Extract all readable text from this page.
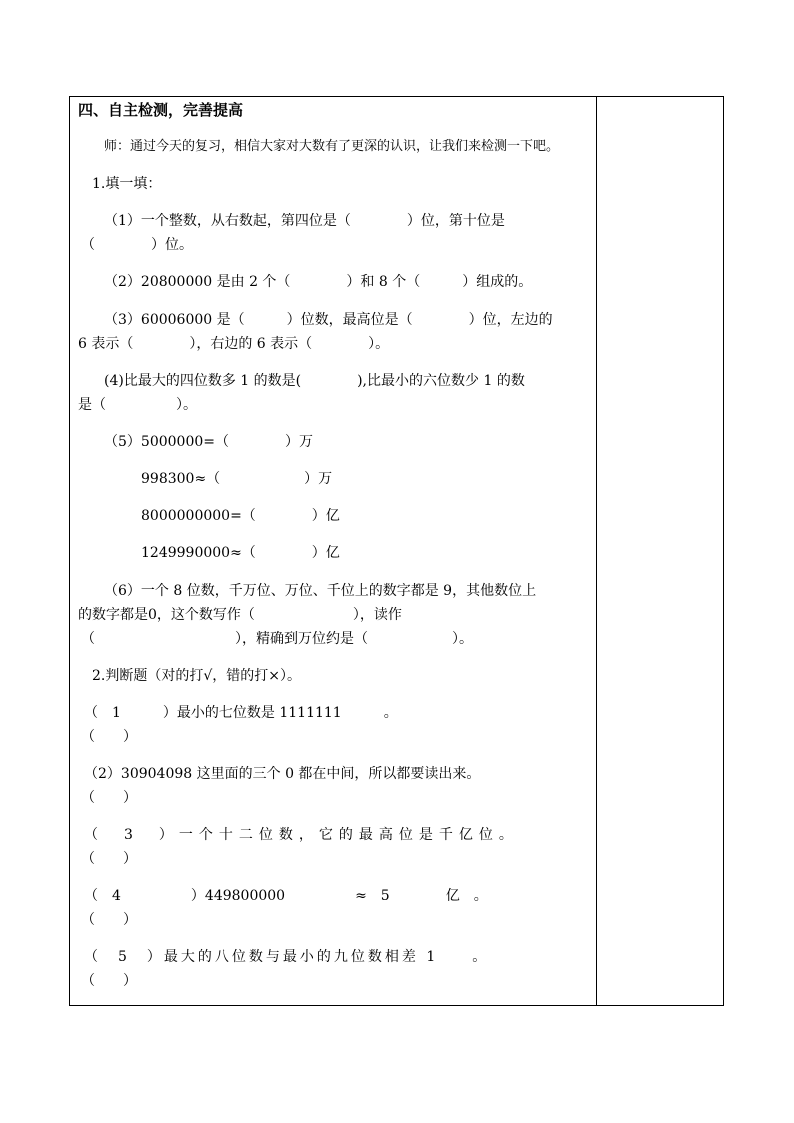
四、自主检测，完善提高
师：通过今天的复习，相信大家对大数有了更深的认识，让我们来检测一下吧。
1.填一填：
（1）一个整数，从右数起，第四位是（　　　　）位，第十位是
（　　　　）位。
（2）20800000 是由 2 个（　　　　）和 8 个（　　　）组成的。
（3）60006000 是（　　　）位数，最高位是（　　　　）位，左边的
6 表示（　　　　），右边的 6 表示（　　　　）。
(4)比最大的四位数多 1 的数是(　　　　),比最小的六位数少 1 的数
是（　　　　　）。
（5）5000000=（　　　　）万
998300≈（　　　　　　）万
8000000000=（　　　　）亿
1249990000≈（　　　　）亿
（6）一个 8 位数，千万位、万位、千位上的数字都是 9，其他数位上
的数字都是0，这个数写作（　　　　　　　），读作
（　　　　　　　　　　），精确到万位约是（　　　　　　）。
2.判断题（对的打√，错的打×）。
（　1　　　）最小的七位数是 1111111　　　。
（　　）
（2）30904098 这里面的三个 0 都在中间，所以都要读出来。
（　　）
（　3　）一个十二位数，它的最高位是千亿位。
（　　）
（　4　　　　　）449800000　　　　　≈　5　　　　亿　。
（　　）
（　5　）最大的八位数与最小的九位数相差 1　　。
（　　）
